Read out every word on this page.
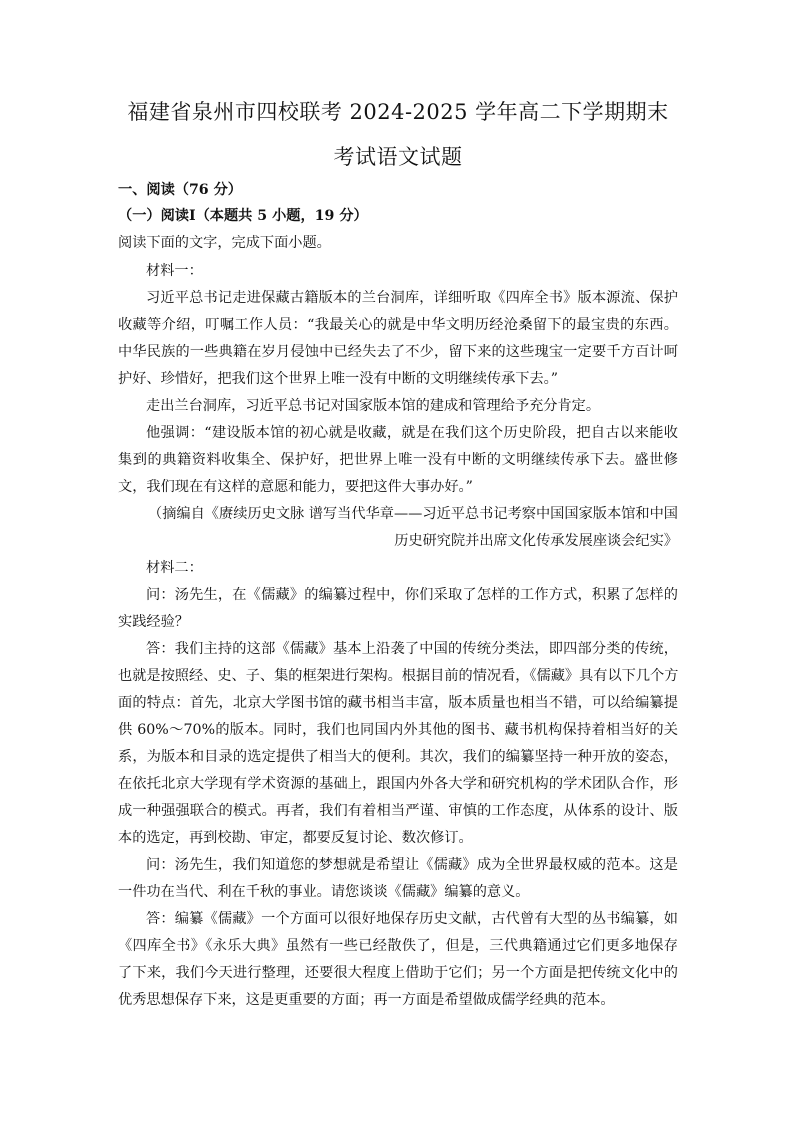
福建省泉州市四校联考 2024-2025 学年高二下学期期末
考试语文试题
一、阅读（76 分）
（一）阅读Ⅰ（本题共 5 小题，19 分）
阅读下面的文字，完成下面小题。
材料一：
习近平总书记走进保藏古籍版本的兰台洞库，详细听取《四库全书》版本源流、保护
收藏等介绍，叮嘱工作人员：“我最关心的就是中华文明历经沧桑留下的最宝贵的东西。
中华民族的一些典籍在岁月侵蚀中已经失去了不少，留下来的这些瑰宝一定要千方百计呵
护好、珍惜好，把我们这个世界上唯一没有中断的文明继续传承下去。”
走出兰台洞库，习近平总书记对国家版本馆的建成和管理给予充分肯定。
他强调：“建设版本馆的初心就是收藏，就是在我们这个历史阶段，把自古以来能收
集到的典籍资料收集全、保护好，把世界上唯一没有中断的文明继续传承下去。盛世修
文，我们现在有这样的意愿和能力，要把这件大事办好。”
（摘编自《赓续历史文脉 谱写当代华章——习近平总书记考察中国国家版本馆和中国
历史研究院并出席文化传承发展座谈会纪实》
材料二：
问：汤先生，在《儒藏》的编纂过程中，你们采取了怎样的工作方式，积累了怎样的
实践经验？
答：我们主持的这部《儒藏》基本上沿袭了中国的传统分类法，即四部分类的传统，
也就是按照经、史、子、集的框架进行架构。根据目前的情况看，《儒藏》具有以下几个方
面的特点：首先，北京大学图书馆的藏书相当丰富，版本质量也相当不错，可以给编纂提
供 60%～70%的版本。同时，我们也同国内外其他的图书、藏书机构保持着相当好的关
系，为版本和目录的选定提供了相当大的便利。其次，我们的编纂坚持一种开放的姿态，
在依托北京大学现有学术资源的基础上，跟国内外各大学和研究机构的学术团队合作，形
成一种强强联合的模式。再者，我们有着相当严谨、审慎的工作态度，从体系的设计、版
本的选定，再到校勘、审定，都要反复讨论、数次修订。
问：汤先生，我们知道您的梦想就是希望让《儒藏》成为全世界最权威的范本。这是
一件功在当代、利在千秋的事业。请您谈谈《儒藏》编纂的意义。
答：编纂《儒藏》一个方面可以很好地保存历史文献，古代曾有大型的丛书编纂，如
《四库全书》《永乐大典》虽然有一些已经散佚了，但是，三代典籍通过它们更多地保存
了下来，我们今天进行整理，还要很大程度上借助于它们；另一个方面是把传统文化中的
优秀思想保存下来，这是更重要的方面；再一方面是希望做成儒学经典的范本。
